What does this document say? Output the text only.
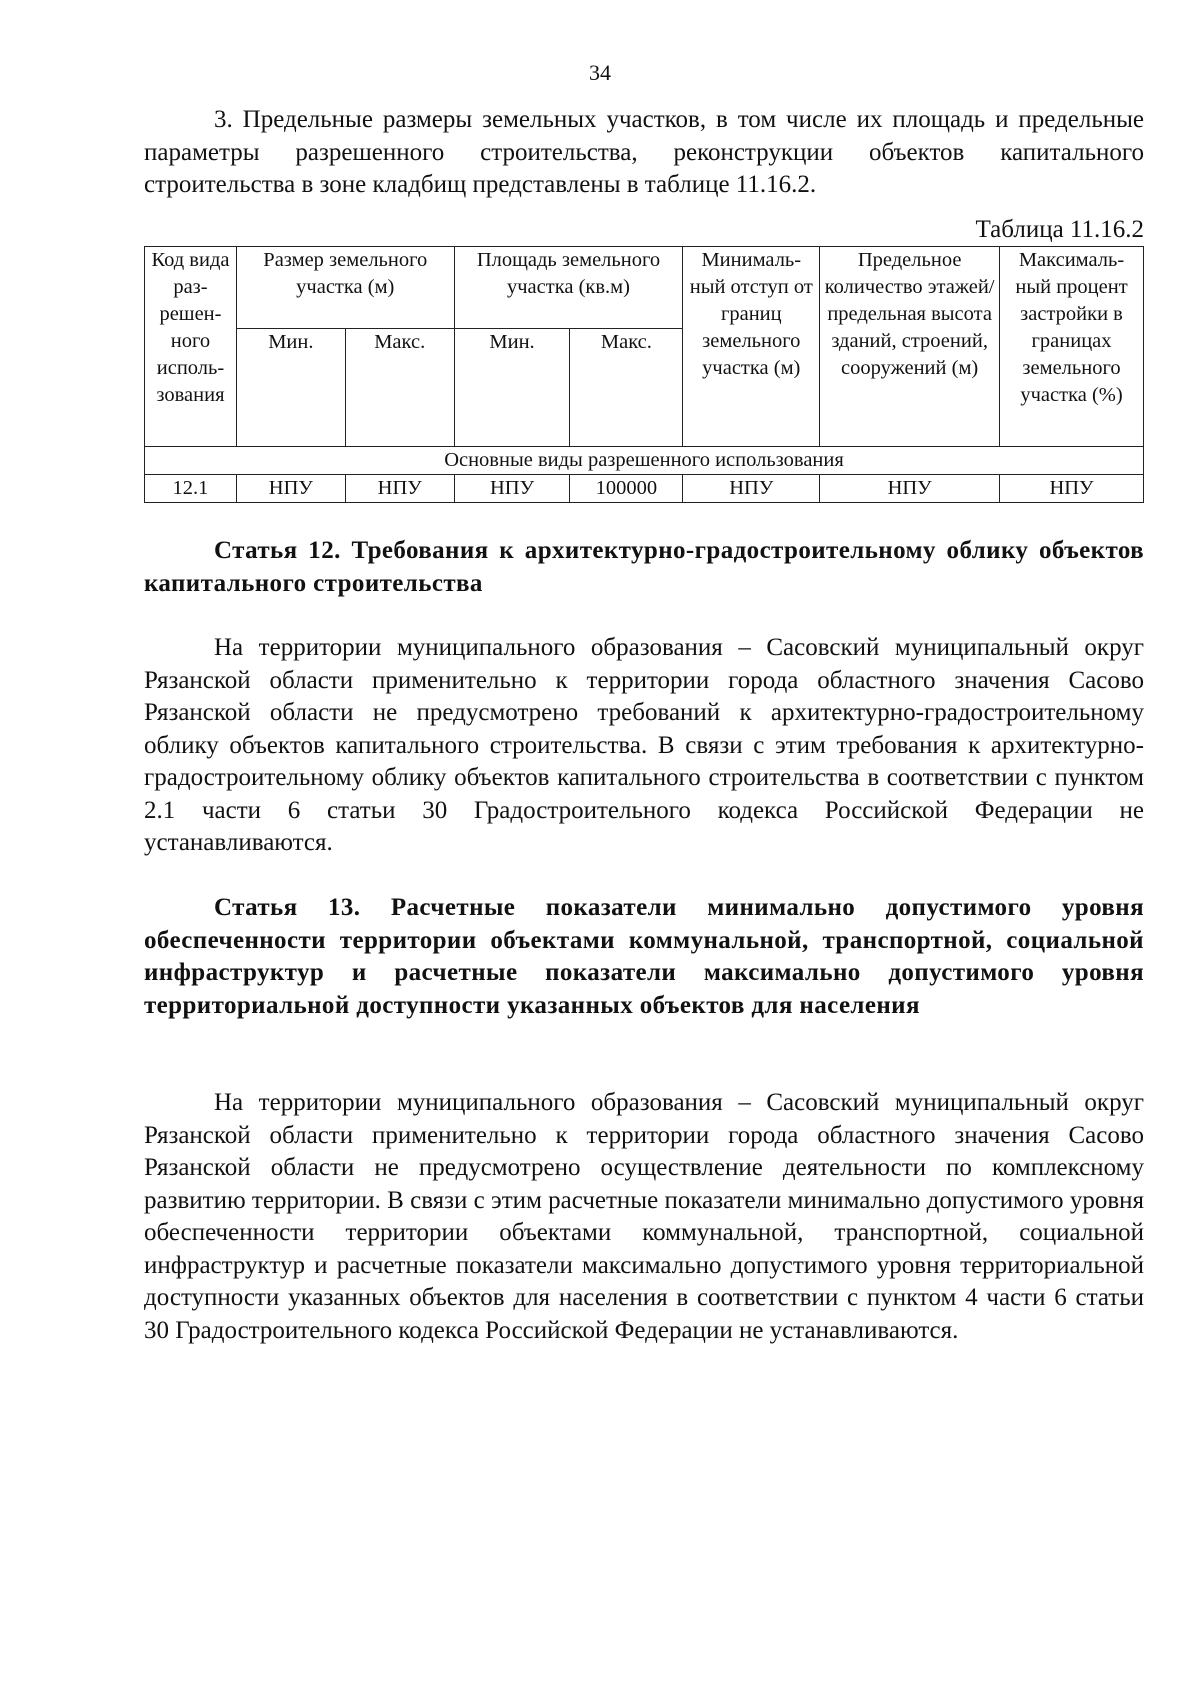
34

3. Предельные размеры земельных участков, в том числе их площадь и предельные параметры разрешенного строительства, реконструкции объектов капитального строительства в зоне кладбищ представлены в таблице 11.16.2.

Таблица 11.16.2
Код вида раз- решен- ного исполь- зования	Размер земельного участка (м)		Площадь земельного участка (кв.м)		Минималь- ный отступ от границ земельного участка (м)	Предельное количество этажей/ предельная высота зданий, строений, сооружений (м)	Максималь- ный процент застройки в границах земельного участка (%)
	Мин.	Макс.	Мин.	Макс.			
Основные виды разрешенного использования							
12.1	НПУ	НПУ	НПУ	100000	НПУ	НПУ	НПУ

Статья 12. Требования к архитектурно-градостроительному облику объектов капитального строительства

На территории муниципального образования – Сасовский муниципальный округ Рязанской области применительно к территории города областного значения Сасово Рязанской области не предусмотрено требований к архитектурно-градостроительному облику объектов капитального строительства. В связи с этим требования к архитектурно-градостроительному облику объектов капитального строительства в соответствии с пунктом 2.1 части 6 статьи 30 Градостроительного кодекса Российской Федерации не устанавливаются.

Статья 13. Расчетные показатели минимально допустимого уровня обеспеченности территории объектами коммунальной, транспортной, социальной инфраструктур и расчетные показатели максимально допустимого уровня территориальной доступности указанных объектов для населения

На территории муниципального образования – Сасовский муниципальный округ Рязанской области применительно к территории города областного значения Сасово Рязанской области не предусмотрено осуществление деятельности по комплексному развитию территории. В связи с этим расчетные показатели минимально допустимого уровня обеспеченности территории объектами коммунальной, транспортной, социальной инфраструктур и расчетные показатели максимально допустимого уровня территориальной доступности указанных объектов для населения в соответствии с пунктом 4 части 6 статьи 30 Градостроительного кодекса Российской Федерации не устанавливаются.
